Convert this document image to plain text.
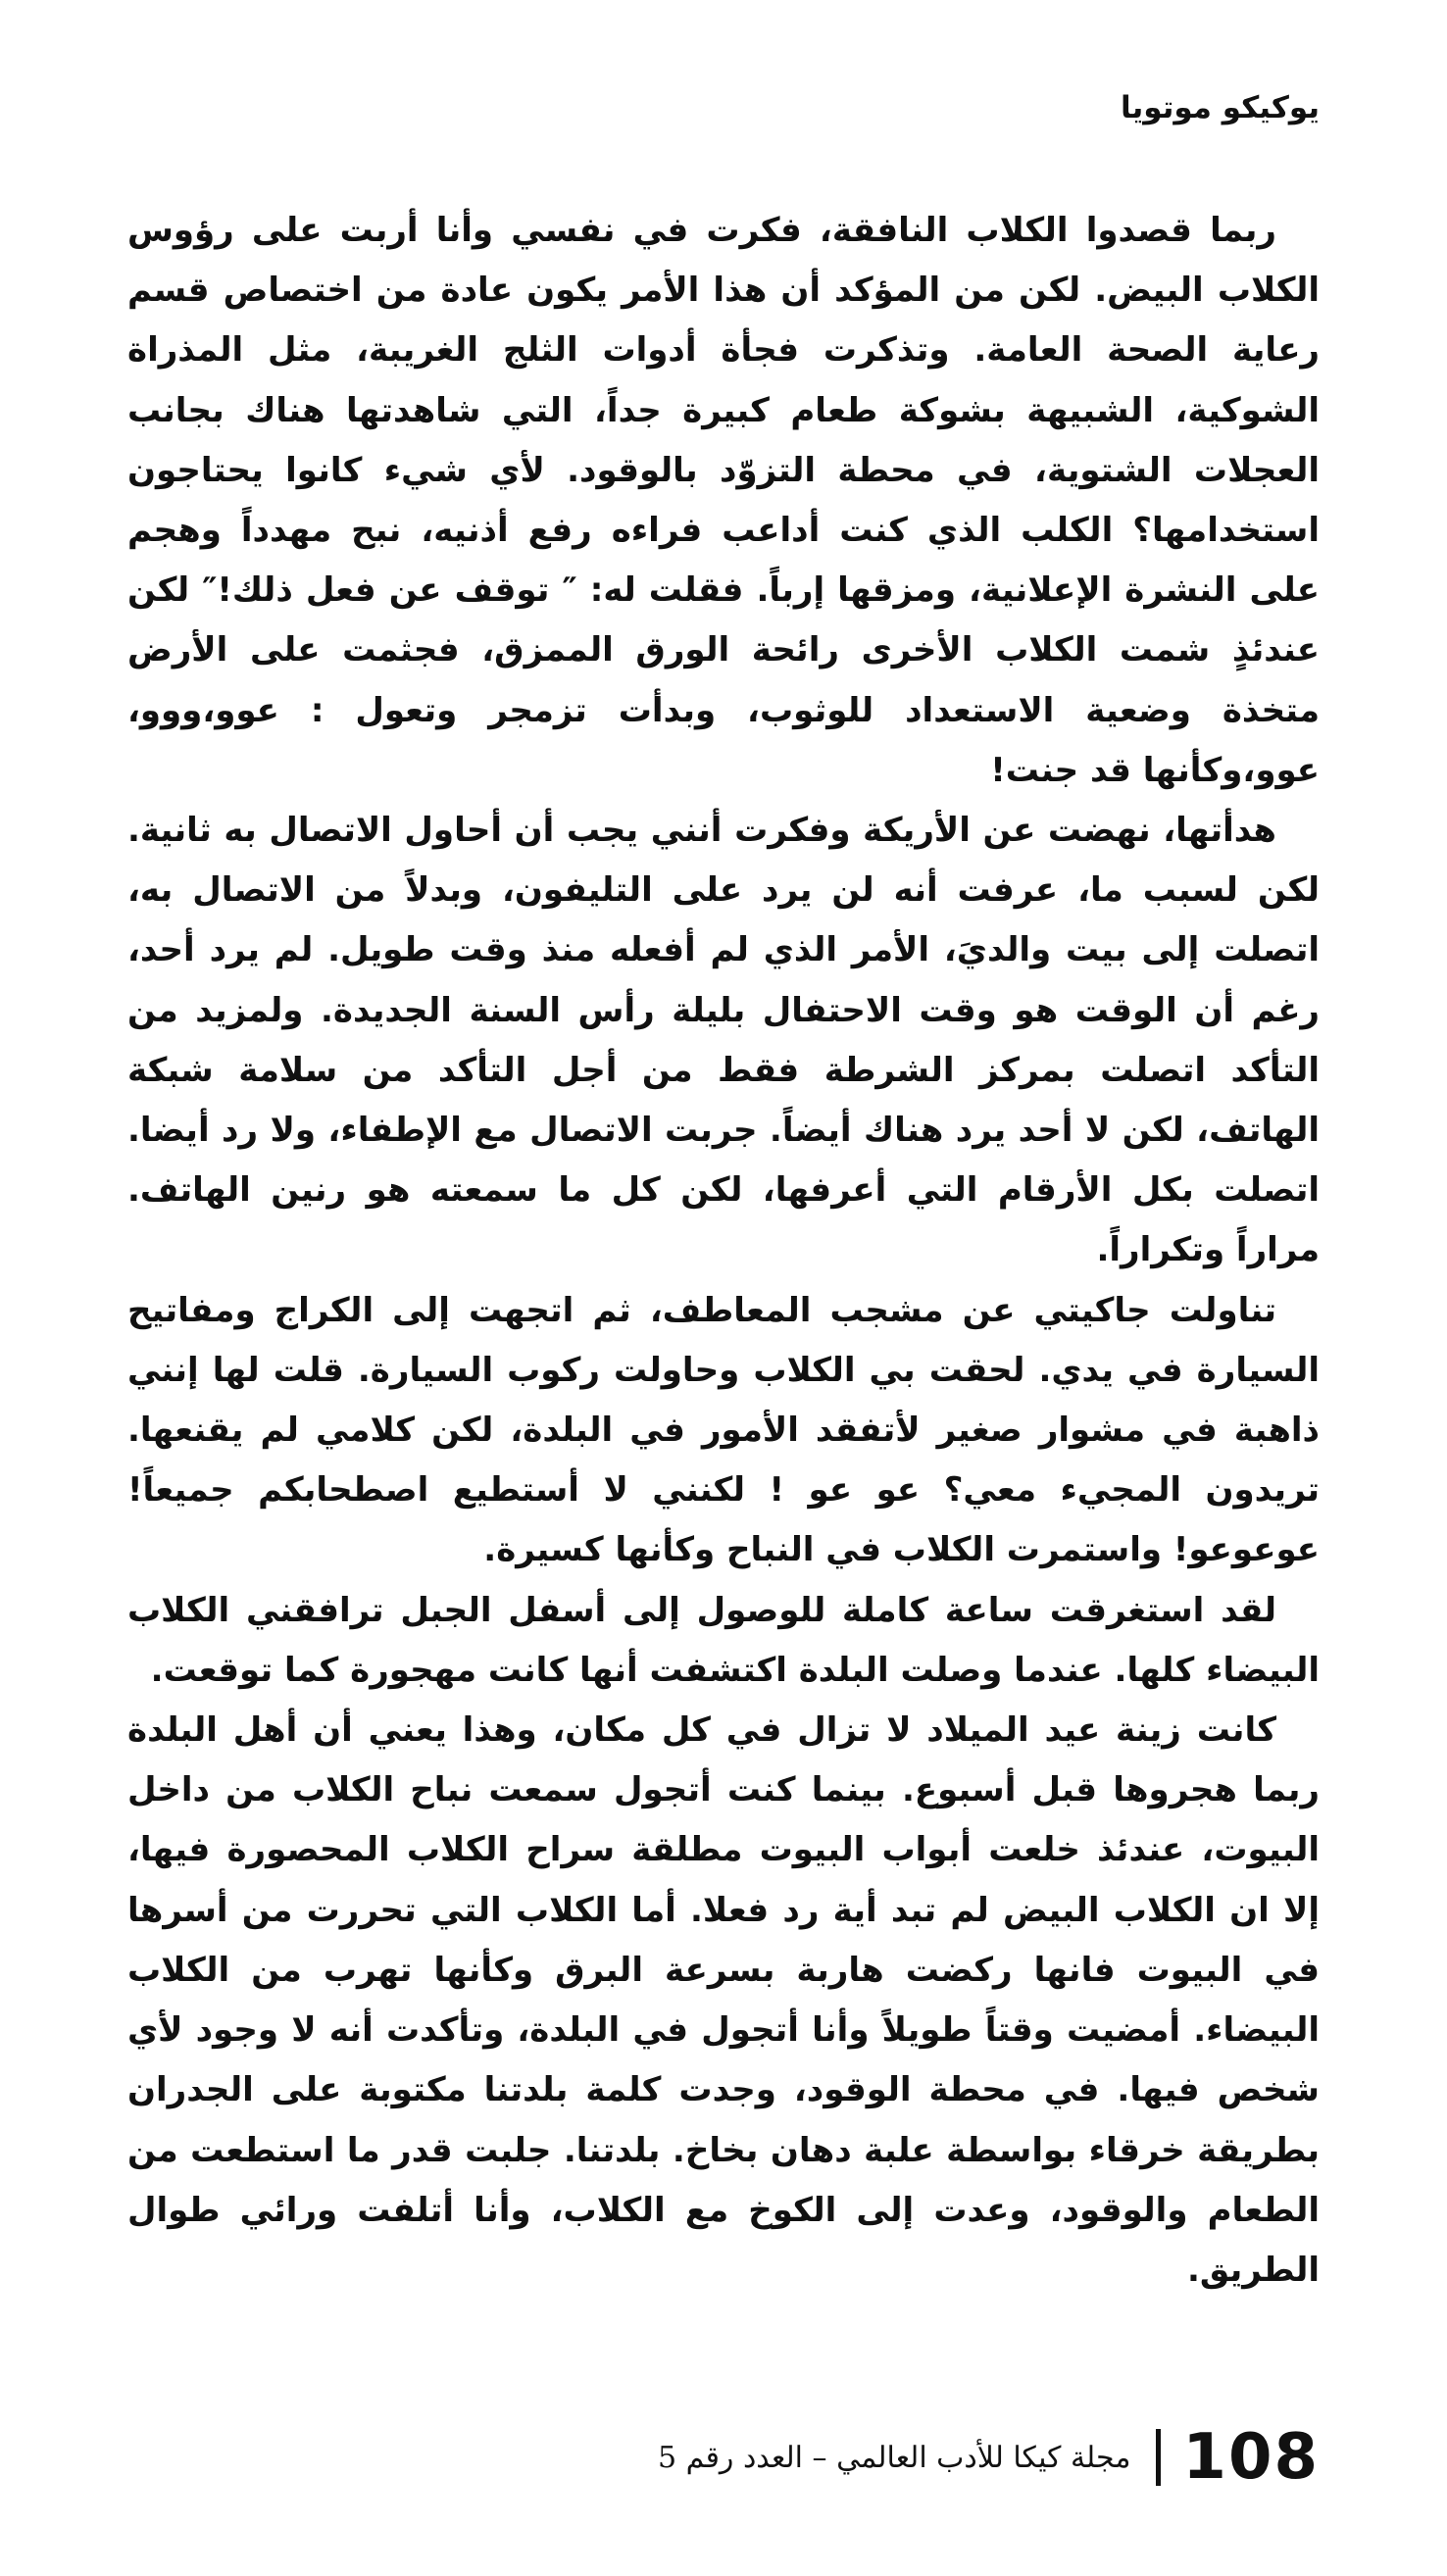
يوكيكو موتويا

ربما قصدوا الكلاب النافقة، فكرت في نفسي وأنا أربت على رؤوس الكلاب البيض. لكن من المؤكد أن هذا الأمر يكون عادة من اختصاص قسم رعاية الصحة العامة. وتذكرت فجأة أدوات الثلج الغريبة، مثل المذراة الشوكية، الشبيهة بشوكة طعام كبيرة جداً، التي شاهدتها هناك بجانب العجلات الشتوية، في محطة التزوّد بالوقود. لأي شيء كانوا يحتاجون استخدامها؟ الكلب الذي كنت أداعب فراءه رفع أذنيه، نبح مهدداً وهجم على النشرة الإعلانية، ومزقها إرباً. فقلت له: ″ توقف عن فعل ذلك!″ لكن عندئذٍ شمت الكلاب الأخرى رائحة الورق الممزق، فجثمت على الأرض متخذة وضعية الاستعداد للوثوب، وبدأت تزمجر وتعول : عوو،ووو، عوو،وكأنها قد جنت!

هدأتها، نهضت عن الأريكة وفكرت أنني يجب أن أحاول الاتصال به ثانية. لكن لسبب ما، عرفت أنه لن يرد على التليفون، وبدلاً من الاتصال به، اتصلت إلى بيت والديَ، الأمر الذي لم أفعله منذ وقت طويل. لم يرد أحد، رغم أن الوقت هو وقت الاحتفال بليلة رأس السنة الجديدة. ولمزيد من التأكد اتصلت بمركز الشرطة فقط من أجل التأكد من سلامة شبكة الهاتف، لكن لا أحد يرد هناك أيضاً. جربت الاتصال مع الإطفاء، ولا رد أيضا. اتصلت بكل الأرقام التي أعرفها، لكن كل ما سمعته هو رنين الهاتف. مراراً وتكراراً.

تناولت جاكيتي عن مشجب المعاطف، ثم اتجهت إلى الكراج ومفاتيح السيارة في يدي. لحقت بي الكلاب وحاولت ركوب السيارة. قلت لها إنني ذاهبة في مشوار صغير لأتفقد الأمور في البلدة، لكن كلامي لم يقنعها. تريدون المجيء معي؟ عو عو ! لكنني لا أستطيع اصطحابكم جميعاً! عوعوعو! واستمرت الكلاب في النباح وكأنها كسيرة.

لقد استغرقت ساعة كاملة للوصول إلى أسفل الجبل ترافقني الكلاب البيضاء كلها. عندما وصلت البلدة اكتشفت أنها كانت مهجورة كما توقعت.

كانت زينة عيد الميلاد لا تزال في كل مكان، وهذا يعني أن أهل البلدة ربما هجروها قبل أسبوع. بينما كنت أتجول سمعت نباح الكلاب من داخل البيوت، عندئذ خلعت أبواب البيوت مطلقة سراح الكلاب المحصورة فيها، إلا ان الكلاب البيض لم تبد أية رد فعلا. أما الكلاب التي تحررت من أسرها في البيوت فانها ركضت هاربة بسرعة البرق وكأنها تهرب من الكلاب البيضاء. أمضيت وقتاً طويلاً وأنا أتجول في البلدة، وتأكدت أنه لا وجود لأي شخص فيها. في محطة الوقود، وجدت كلمة بلدتنا مكتوبة على الجدران بطريقة خرقاء بواسطة علبة دهان بخاخ. بلدتنا. جلبت قدر ما استطعت من الطعام والوقود، وعدت إلى الكوخ مع الكلاب، وأنا أتلفت ورائي طوال الطريق.

108
مجلة كيكا للأدب العالمي – العدد رقم 5
